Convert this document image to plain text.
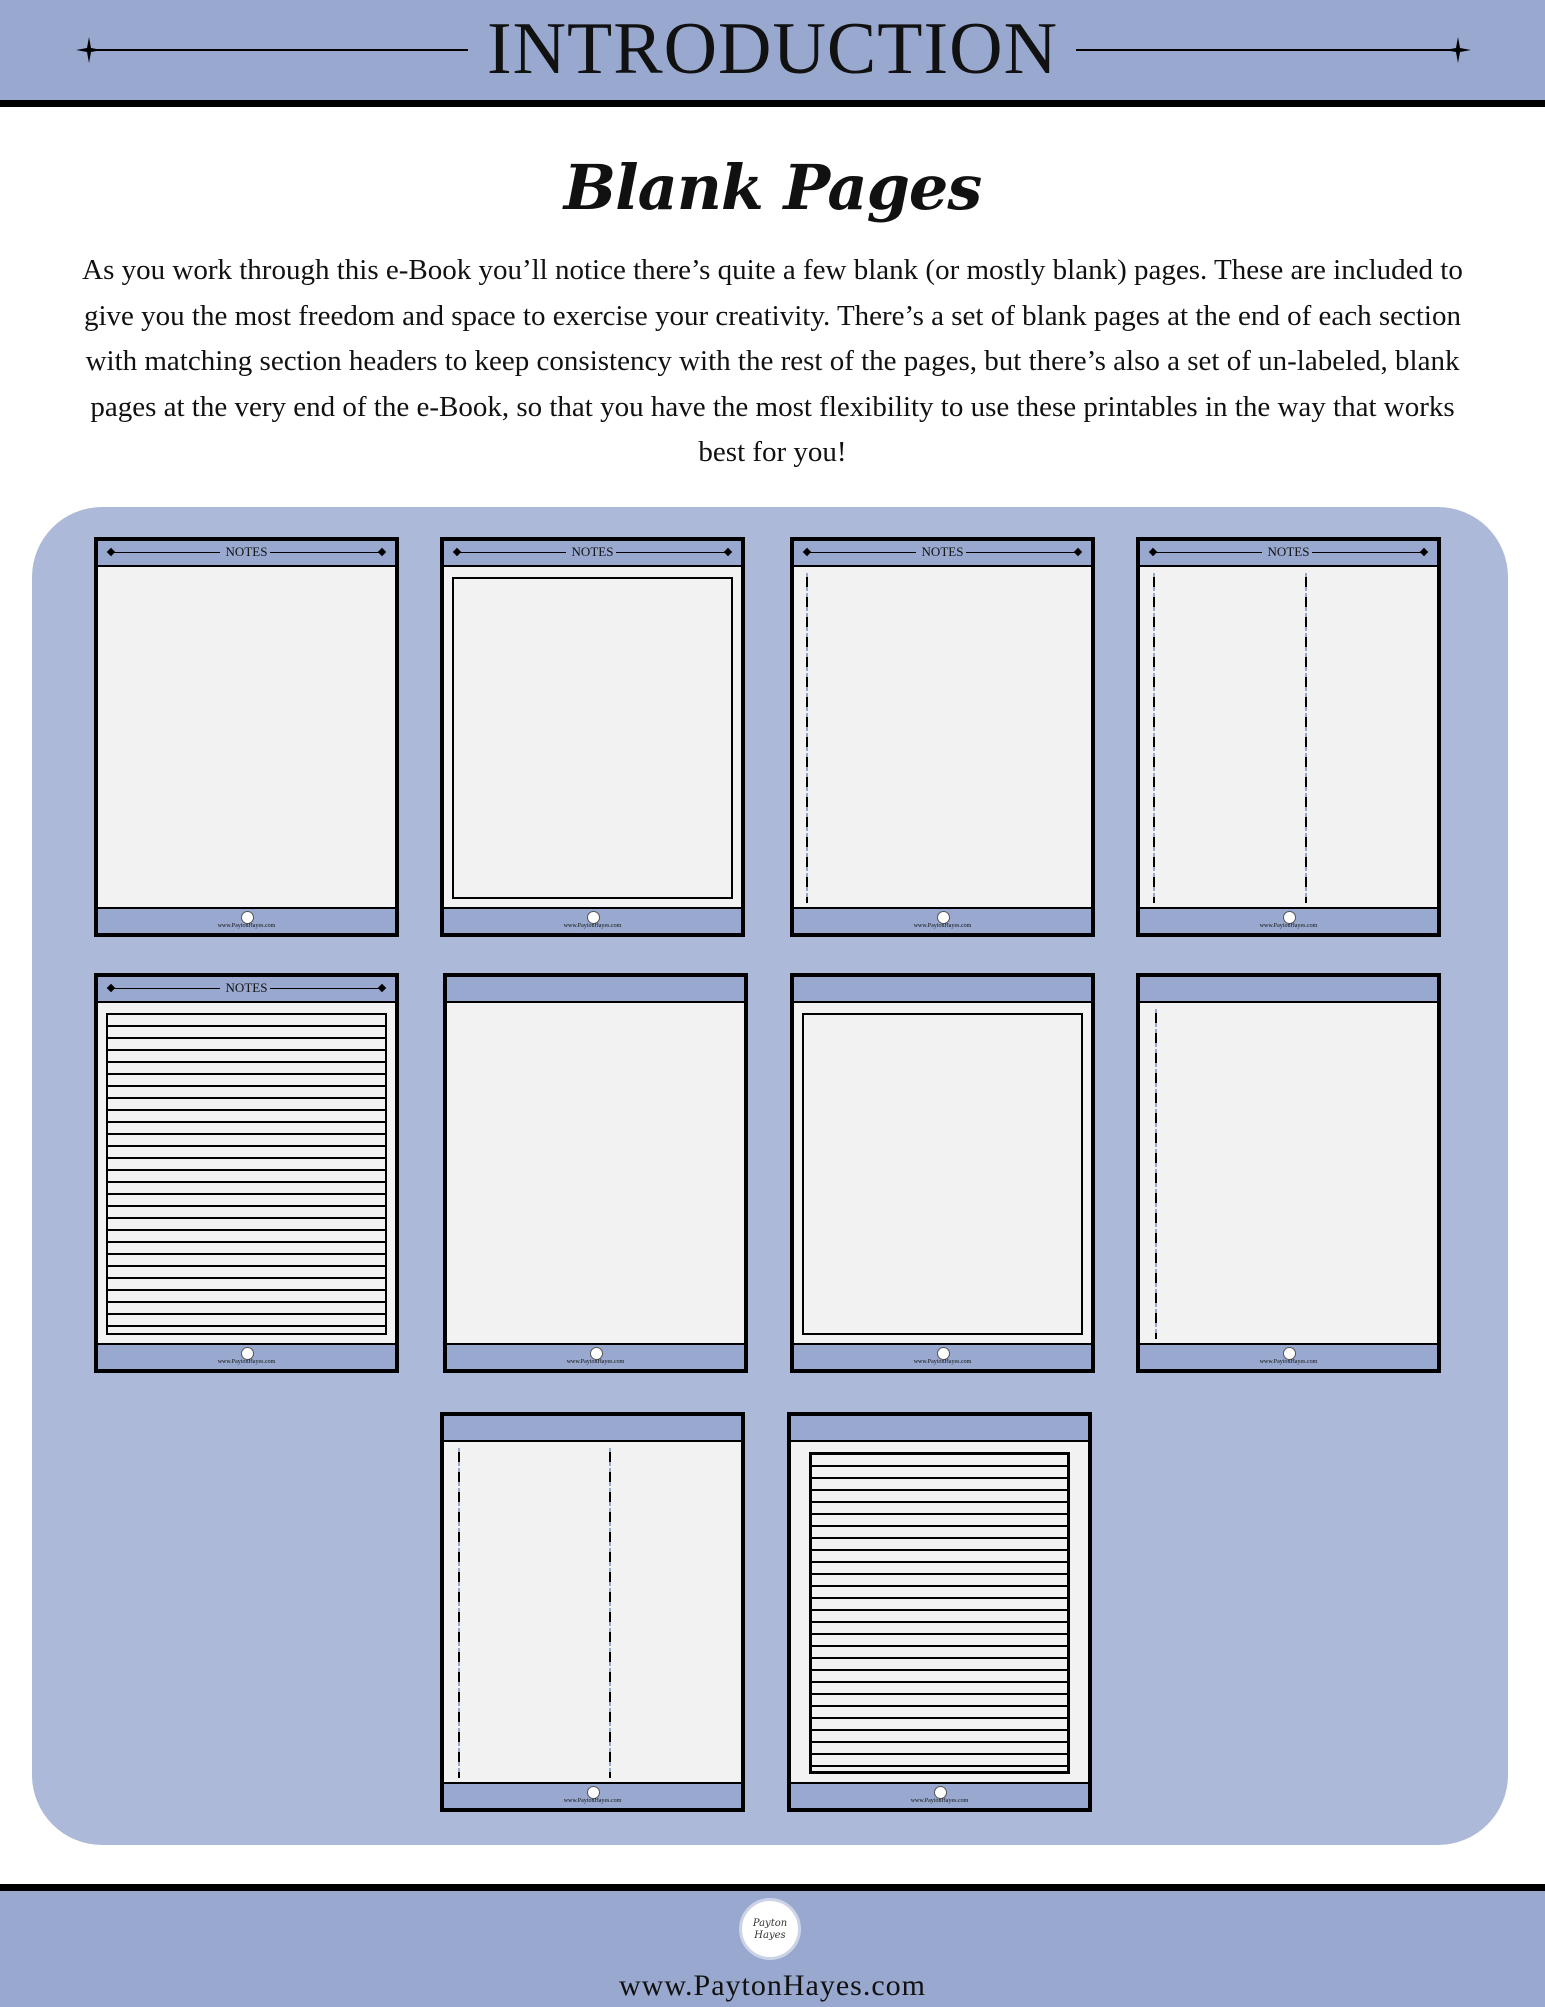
INTRODUCTION
Blank Pages
As you work through this e-Book you’ll notice there’s quite a few blank (or mostly blank) pages. These are included to give you the most freedom and space to exercise your creativity. There’s a set of blank pages at the end of each section with matching section headers to keep consistency with the rest of the pages, but there’s also a set of un-labeled, blank pages at the very end of the e-Book, so that you have the most flexibility to use these printables in the way that works best for you!
NOTES
www.PaytonHayes.com
NOTES
www.PaytonHayes.com
NOTES
www.PaytonHayes.com
NOTES
www.PaytonHayes.com
NOTES
www.PaytonHayes.com	www.PaytonHayes.com	www.PaytonHayes.com	www.PaytonHayes.com
www.PaytonHayes.com	www.PaytonHayes.com
Payton Hayes
www.PaytonHayes.com
